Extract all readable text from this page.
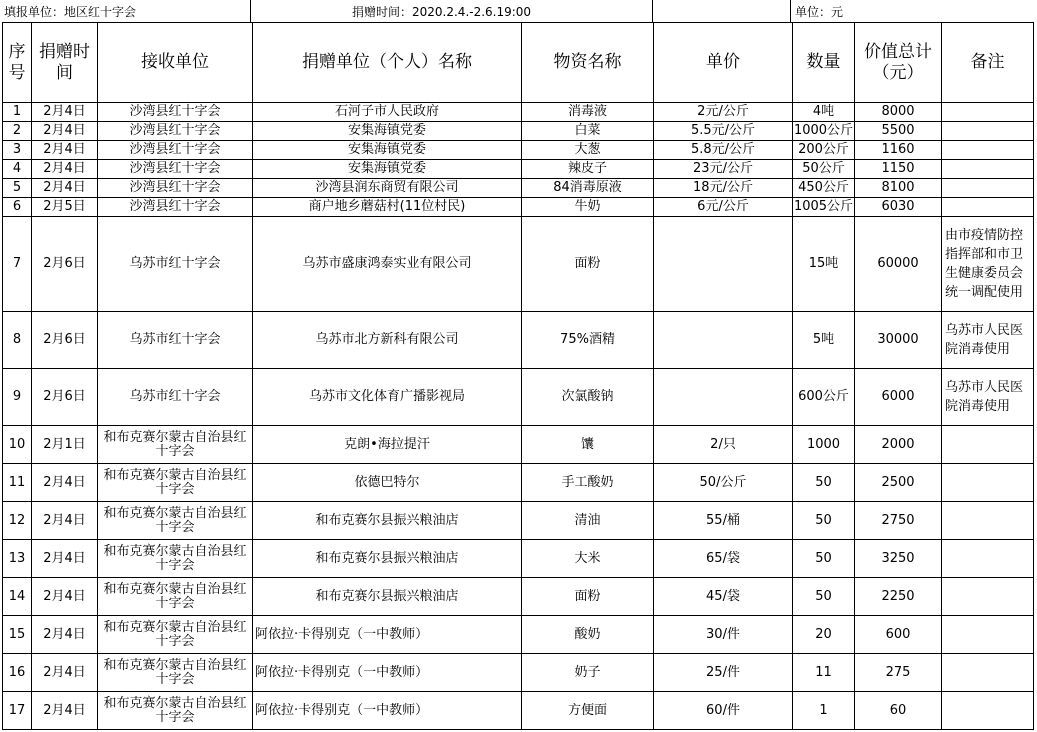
填报单位：地区红十字会	捐赠时间：2020.2.4.-2.6.19:00	单位：元
序号	捐赠时间	接收单位	捐赠单位（个人）名称	物资名称	单价	数量	价值总计（元）	备注
1	2月4日	沙湾县红十字会	石河子市人民政府	消毒液	2元/公斤	4吨	8000	
2	2月4日	沙湾县红十字会	安集海镇党委	白菜	5.5元/公斤	1000公斤	5500	
3	2月4日	沙湾县红十字会	安集海镇党委	大葱	5.8元/公斤	200公斤	1160	
4	2月4日	沙湾县红十字会	安集海镇党委	辣皮子	23元/公斤	50公斤	1150	
5	2月4日	沙湾县红十字会	沙湾县润东商贸有限公司	84消毒原液	18元/公斤	450公斤	8100	
6	2月5日	沙湾县红十字会	商户地乡蘑菇村(11位村民)	牛奶	6元/公斤	1005公斤	6030	
7	2月6日	乌苏市红十字会	乌苏市盛康鸿泰实业有限公司	面粉		15吨	60000	由市疫情防控指挥部和市卫生健康委员会统一调配使用
8	2月6日	乌苏市红十字会	乌苏市北方新科有限公司	75%酒精		5吨	30000	乌苏市人民医院消毒使用
9	2月6日	乌苏市红十字会	乌苏市文化体育广播影视局	次氯酸钠		600公斤	6000	乌苏市人民医院消毒使用
10	2月1日	和布克赛尔蒙古自治县红十字会	克朗•海拉提汗	馕	2/只	1000	2000	
11	2月4日	和布克赛尔蒙古自治县红十字会	依德巴特尔	手工酸奶	50/公斤	50	2500	
12	2月4日	和布克赛尔蒙古自治县红十字会	和布克赛尔县振兴粮油店	清油	55/桶	50	2750	
13	2月4日	和布克赛尔蒙古自治县红十字会	和布克赛尔县振兴粮油店	大米	65/袋	50	3250	
14	2月4日	和布克赛尔蒙古自治县红十字会	和布克赛尔县振兴粮油店	面粉	45/袋	50	2250	
15	2月4日	和布克赛尔蒙古自治县红十字会	阿依拉·卡得别克（一中教师）	酸奶	30/件	20	600	
16	2月4日	和布克赛尔蒙古自治县红十字会	阿依拉·卡得别克（一中教师）	奶子	25/件	11	275	
17	2月4日	和布克赛尔蒙古自治县红十字会	阿依拉·卡得别克（一中教师）	方便面	60/件	1	60	
